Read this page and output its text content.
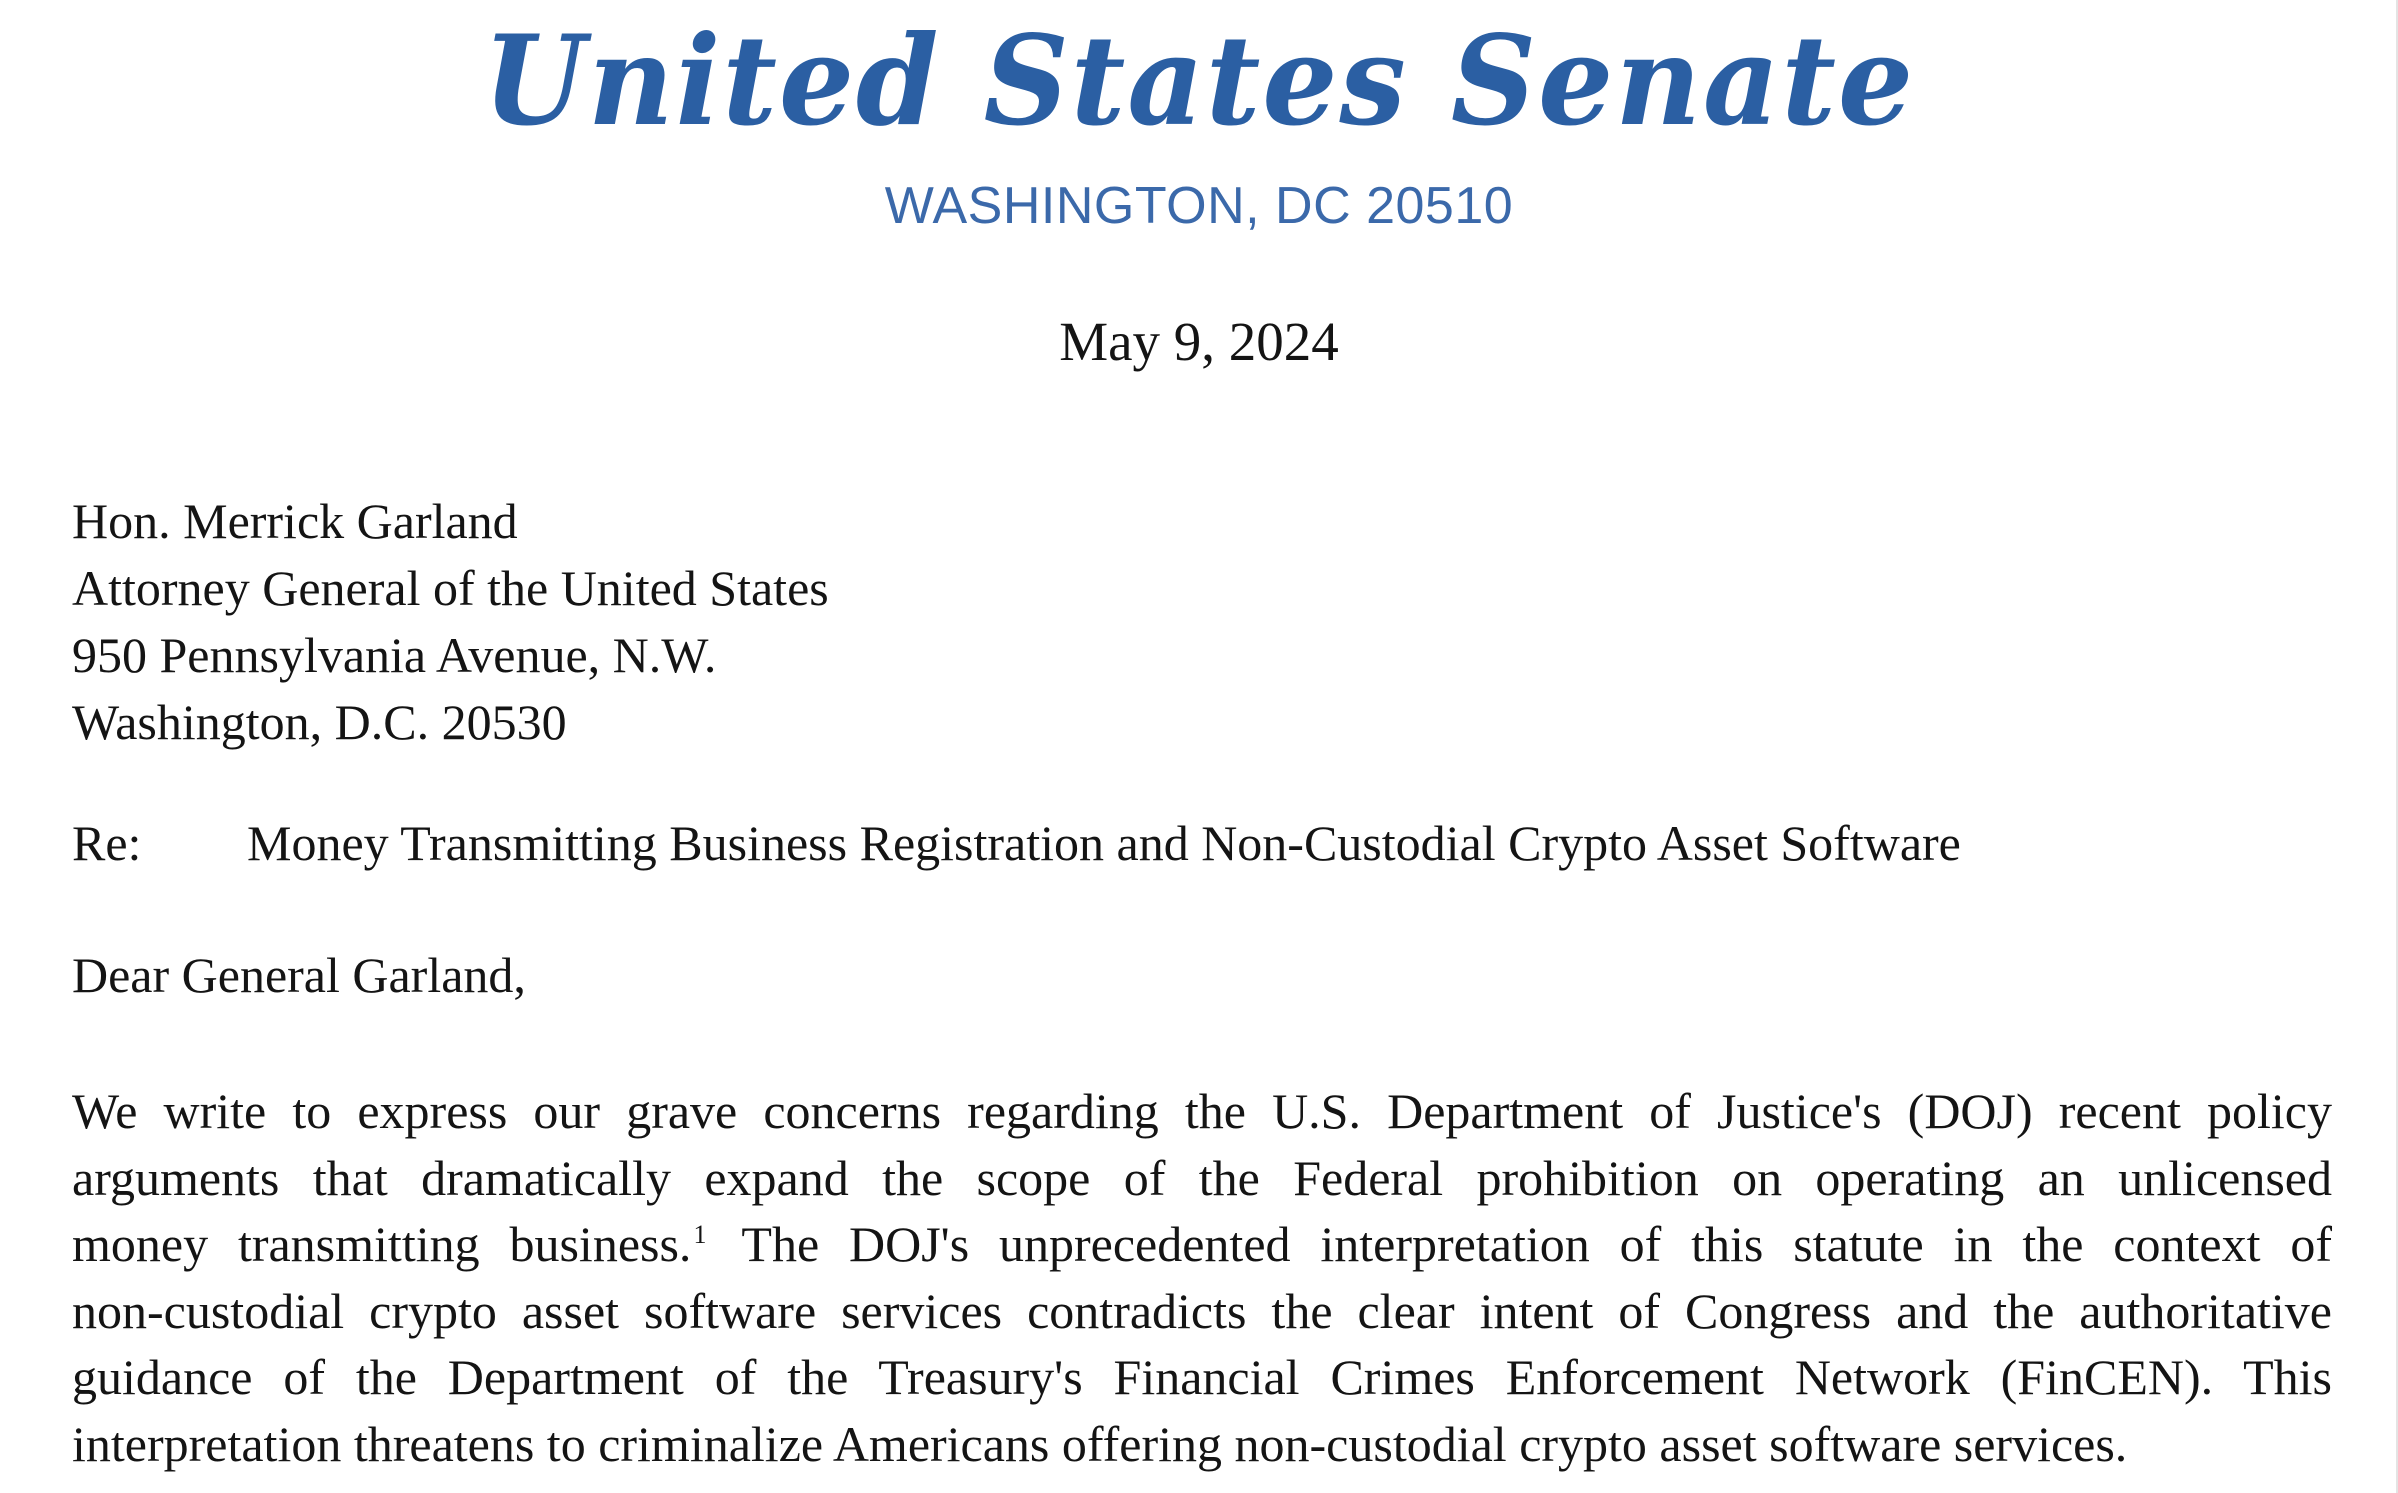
United States Senate
WASHINGTON, DC 20510
May 9, 2024
Hon. Merrick Garland
Attorney General of the United States
950 Pennsylvania Avenue, N.W.
Washington, D.C. 20530
Re: Money Transmitting Business Registration and Non-Custodial Crypto Asset Software
Dear General Garland,
We write to express our grave concerns regarding the U.S. Department of Justice's (DOJ) recent policy
arguments that dramatically expand the scope of the Federal prohibition on operating an unlicensed
money transmitting business.$^1$ The DOJ's unprecedented interpretation of this statute in the context of
non-custodial crypto asset software services contradicts the clear intent of Congress and the authoritative
guidance of the Department of the Treasury's Financial Crimes Enforcement Network (FinCEN). This
interpretation threatens to criminalize Americans offering non-custodial crypto asset software services.
